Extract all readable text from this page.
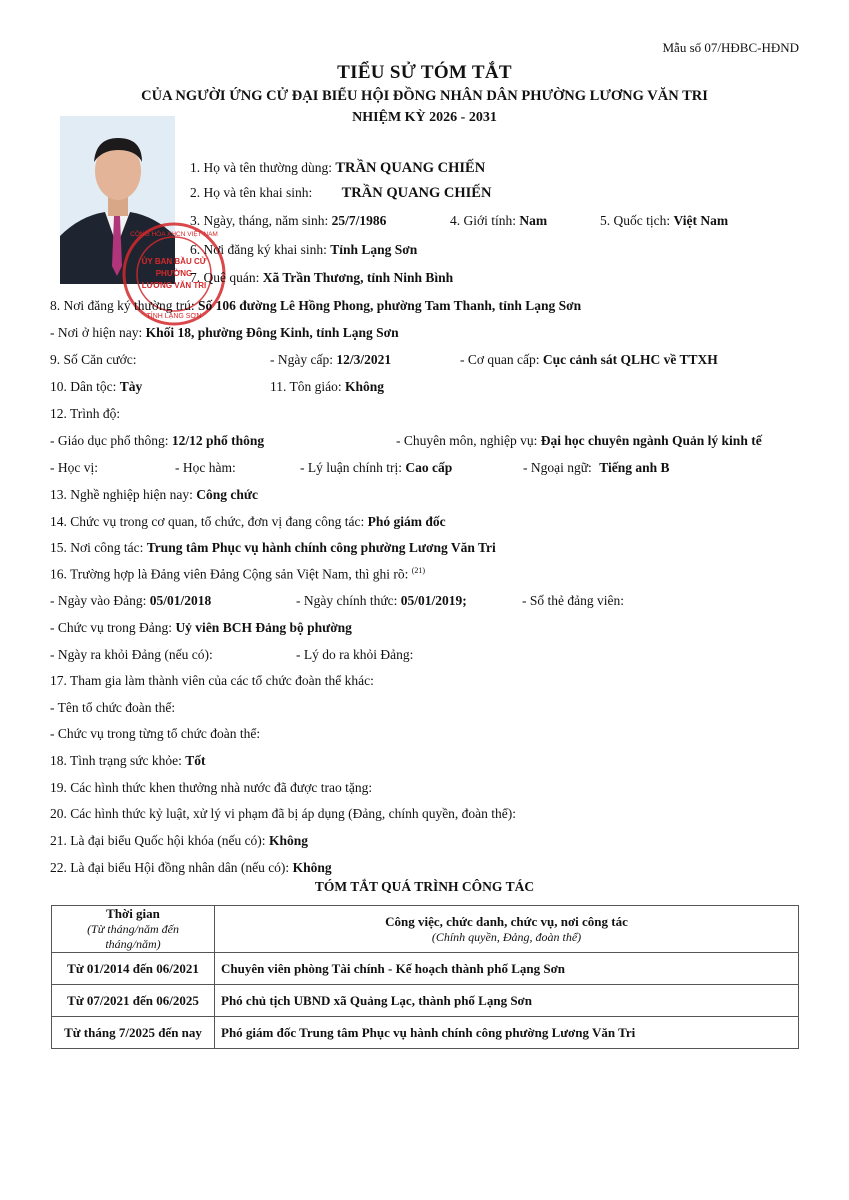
Mẫu số 07/HĐBC-HĐND
TIỂU SỬ TÓM TẮT
CỦA NGƯỜI ỨNG CỬ ĐẠI BIỂU HỘI ĐỒNG NHÂN DÂN PHƯỜNG LƯƠNG VĂN TRI
NHIỆM KỲ 2026 - 2031
ỦY BAN BẦU CỬ
PHƯỜNG
LƯƠNG VĂN TRI
TỈNH LẠNG SƠN
CỘNG HÒA XHCN VIỆT NAM
1. Họ và tên thường dùng: TRẦN QUANG CHIẾN
2. Họ và tên khai sinh: TRẦN QUANG CHIẾN
3. Ngày, tháng, năm sinh: 25/7/1986	4. Giới tính: Nam	5. Quốc tịch: Việt Nam
6. Nơi đăng ký khai sinh: Tỉnh Lạng Sơn
7. Quê quán: Xã Trần Thương, tỉnh Ninh Bình
8. Nơi đăng ký thường trú: Số 106 đường Lê Hồng Phong, phường Tam Thanh, tỉnh Lạng Sơn
- Nơi ở hiện nay: Khối 18, phường Đông Kinh, tỉnh Lạng Sơn
9. Số Căn cước:	- Ngày cấp: 12/3/2021	- Cơ quan cấp: Cục cảnh sát QLHC về TTXH
10. Dân tộc: Tày	11. Tôn giáo: Không
12. Trình độ:
- Giáo dục phổ thông: 12/12 phổ thông	- Chuyên môn, nghiệp vụ: Đại học chuyên ngành Quản lý kinh tế
- Học vị:	- Học hàm:	- Lý luận chính trị: Cao cấp	- Ngoại ngữ: Tiếng anh B
13. Nghề nghiệp hiện nay: Công chức
14. Chức vụ trong cơ quan, tổ chức, đơn vị đang công tác: Phó giám đốc
15. Nơi công tác: Trung tâm Phục vụ hành chính công phường Lương Văn Tri
16. Trường hợp là Đảng viên Đảng Cộng sản Việt Nam, thì ghi rõ: $^{(21)}$
- Ngày vào Đảng: 05/01/2018	- Ngày chính thức: 05/01/2019;	- Số thẻ đảng viên:
- Chức vụ trong Đảng: Uỷ viên BCH Đảng bộ phường
- Ngày ra khỏi Đảng (nếu có):	- Lý do ra khỏi Đảng:
17. Tham gia làm thành viên của các tổ chức đoàn thể khác:
- Tên tổ chức đoàn thể:
- Chức vụ trong từng tổ chức đoàn thể:
18. Tình trạng sức khỏe: Tốt
19. Các hình thức khen thưởng nhà nước đã được trao tặng:
20. Các hình thức kỷ luật, xử lý vi phạm đã bị áp dụng (Đảng, chính quyền, đoàn thể):
21. Là đại biểu Quốc hội khóa (nếu có): Không
22. Là đại biểu Hội đồng nhân dân (nếu có): Không
TÓM TẮT QUÁ TRÌNH CÔNG TÁC
Thời gian
(Từ tháng/năm đến tháng/năm)	Công việc, chức danh, chức vụ, nơi công tác
(Chính quyền, Đảng, đoàn thể)

Từ 01/2014 đến 06/2021	Chuyên viên phòng Tài chính - Kế hoạch thành phố Lạng Sơn
Từ 07/2021 đến 06/2025	Phó chủ tịch UBND xã Quảng Lạc, thành phố Lạng Sơn
Từ tháng 7/2025 đến nay	Phó giám đốc Trung tâm Phục vụ hành chính công phường Lương Văn Tri
